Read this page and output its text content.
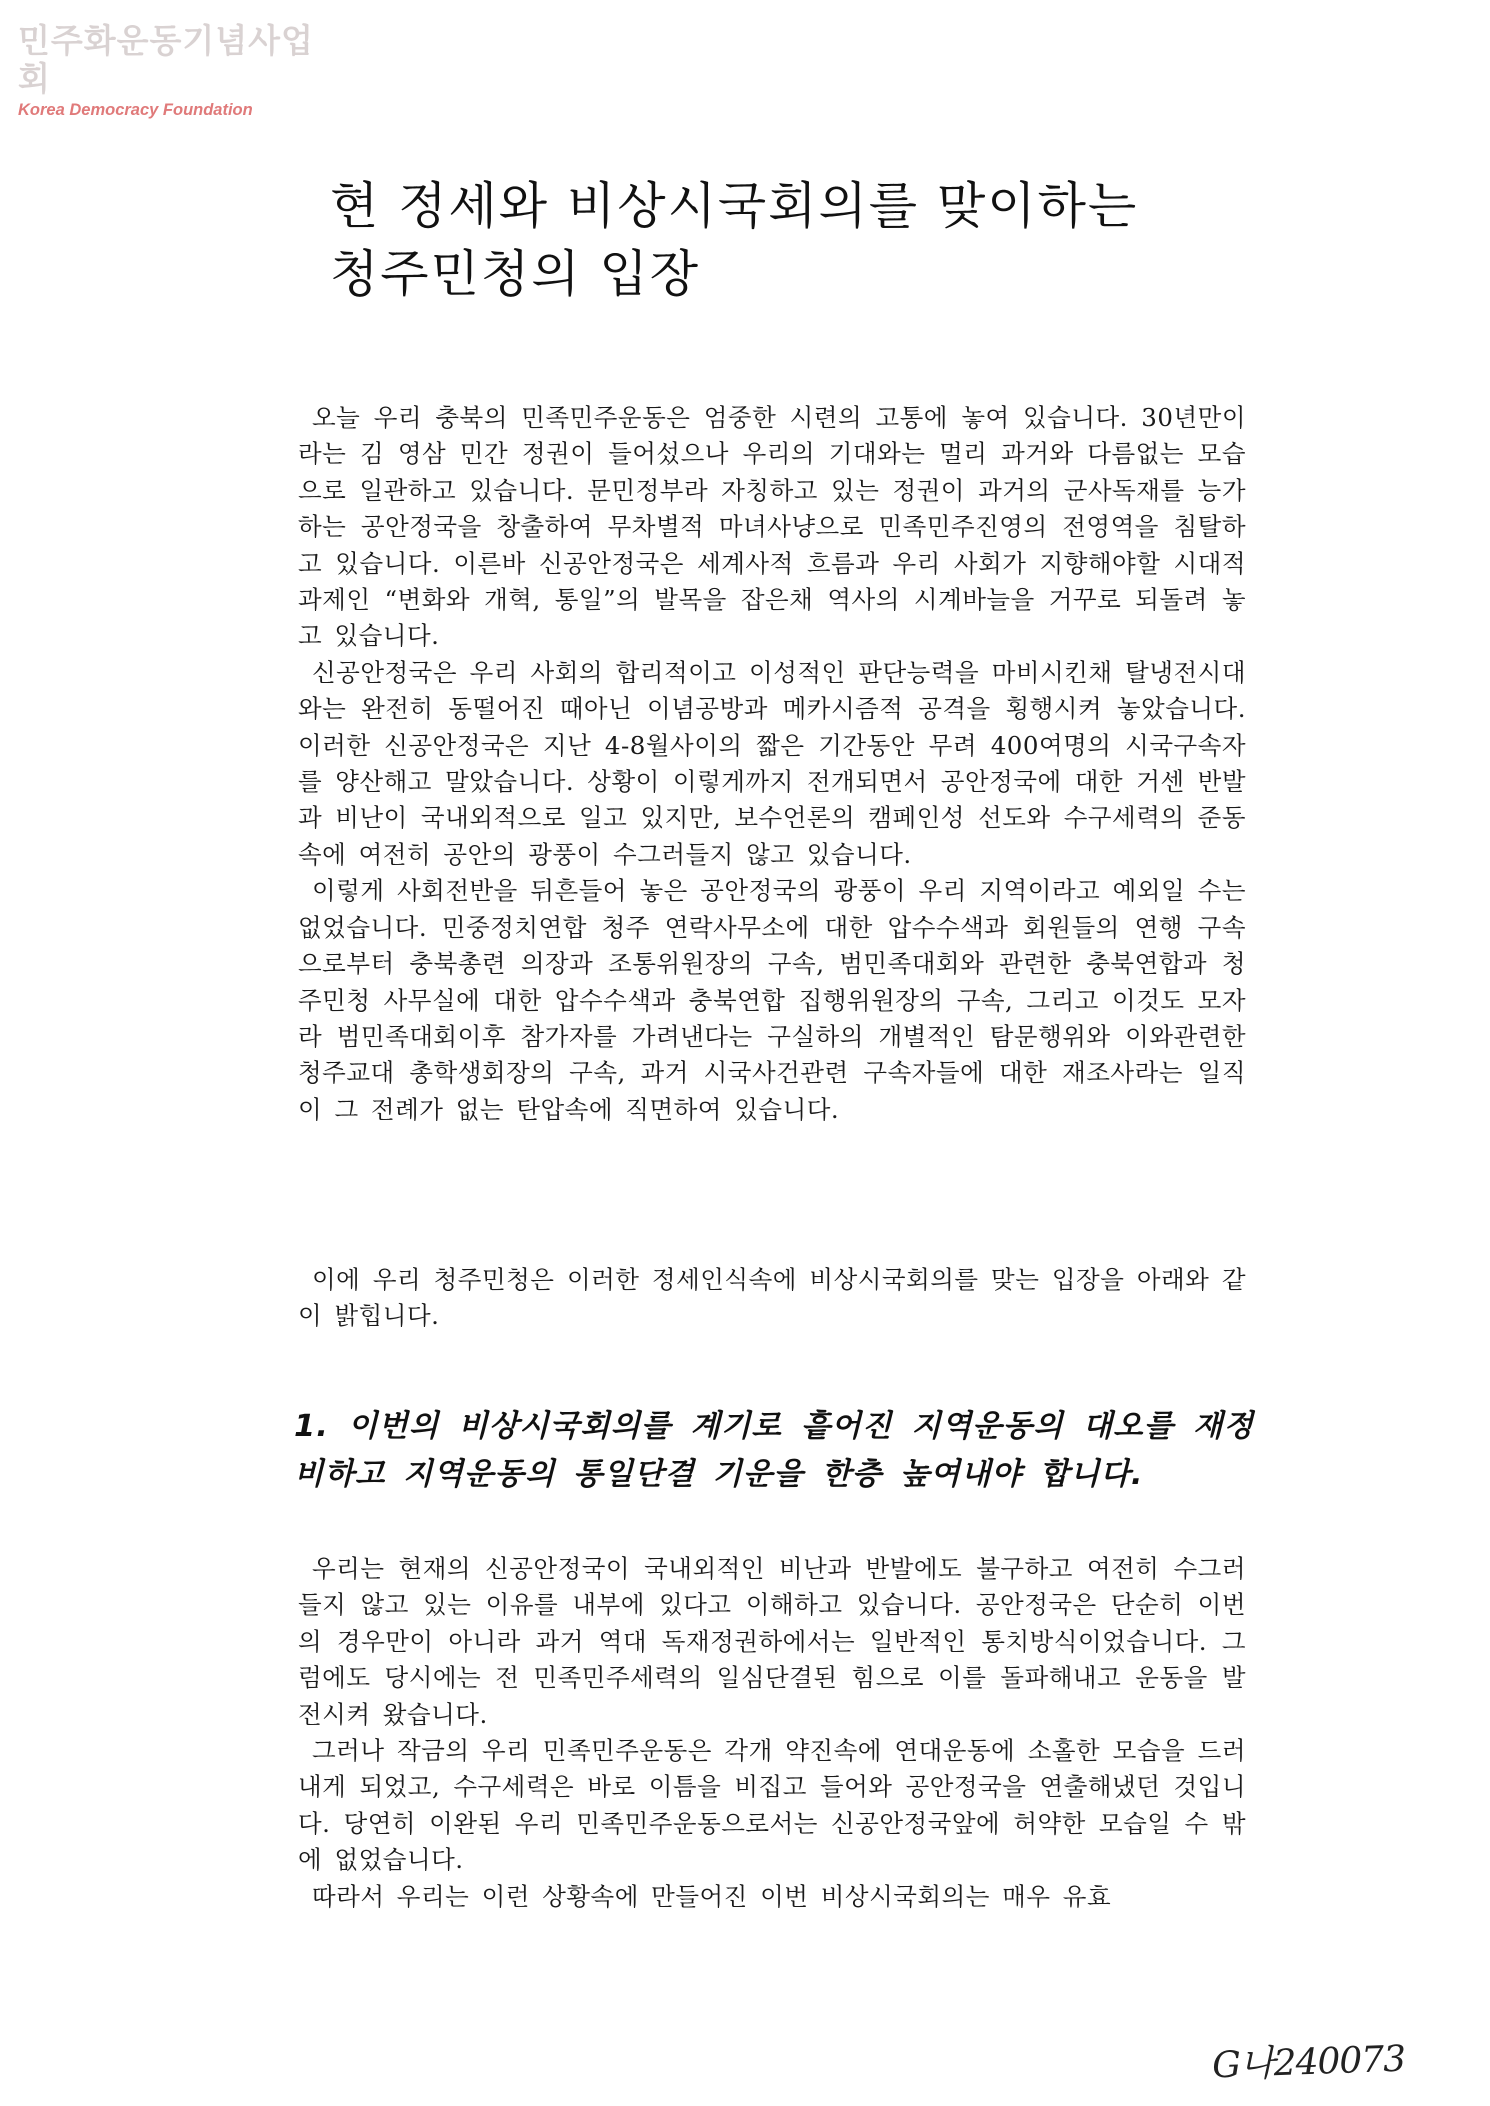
민주화운동기념사업회
Korea Democracy Foundation
현 정세와 비상시국회의를 맞이하는
청주민청의 입장

오늘 우리 충북의 민족민주운동은 엄중한 시련의 고통에 놓여 있습니다. 30년만이라는 김 영삼 민간 정권이 들어섰으나 우리의 기대와는 멀리 과거와 다름없는 모습으로 일관하고 있습니다. 문민정부라 자칭하고 있는 정권이 과거의 군사독재를 능가하는 공안정국을 창출하여 무차별적 마녀사냥으로 민족민주진영의 전영역을 침탈하고 있습니다. 이른바 신공안정국은 세계사적 흐름과 우리 사회가 지향해야할 시대적 과제인 “변화와 개혁, 통일”의 발목을 잡은채 역사의 시계바늘을 거꾸로 되돌려 놓고 있습니다.

신공안정국은 우리 사회의 합리적이고 이성적인 판단능력을 마비시킨채 탈냉전시대와는 완전히 동떨어진 때아닌 이념공방과 메카시즘적 공격을 횡행시켜 놓았습니다. 이러한 신공안정국은 지난 4-8월사이의 짧은 기간동안 무려 400여명의 시국구속자를 양산해고 말았습니다. 상황이 이렇게까지 전개되면서 공안정국에 대한 거센 반발과 비난이 국내외적으로 일고 있지만, 보수언론의 캠페인성 선도와 수구세력의 준동속에 여전히 공안의 광풍이 수그러들지 않고 있습니다.

이렇게 사회전반을 뒤흔들어 놓은 공안정국의 광풍이 우리 지역이라고 예외일 수는 없었습니다. 민중정치연합 청주 연락사무소에 대한 압수수색과 회원들의 연행 구속으로부터 충북총련 의장과 조통위원장의 구속, 범민족대회와 관련한 충북연합과 청주민청 사무실에 대한 압수수색과 충북연합 집행위원장의 구속, 그리고 이것도 모자라 범민족대회이후 참가자를 가려낸다는 구실하의 개별적인 탐문행위와 이와관련한 청주교대 총학생회장의 구속, 과거 시국사건관련 구속자들에 대한 재조사라는 일직이 그 전례가 없는 탄압속에 직면하여 있습니다.

이에 우리 청주민청은 이러한 정세인식속에 비상시국회의를 맞는 입장을 아래와 같이 밝힙니다.

1. 이번의 비상시국회의를 계기로 흩어진 지역운동의 대오를 재정비하고 지역운동의 통일단결 기운을 한층 높여내야 합니다.

우리는 현재의 신공안정국이 국내외적인 비난과 반발에도 불구하고 여전히 수그러들지 않고 있는 이유를 내부에 있다고 이해하고 있습니다. 공안정국은 단순히 이번의 경우만이 아니라 과거 역대 독재정권하에서는 일반적인 통치방식이었습니다. 그럼에도 당시에는 전 민족민주세력의 일심단결된 힘으로 이를 돌파해내고 운동을 발전시켜 왔습니다.

그러나 작금의 우리 민족민주운동은 각개 약진속에 연대운동에 소홀한 모습을 드러내게 되었고, 수구세력은 바로 이틈을 비집고 들어와 공안정국을 연출해냈던 것입니다. 당연히 이완된 우리 민족민주운동으로서는 신공안정국앞에 허약한 모습일 수 밖에 없었습니다.

따라서 우리는 이런 상황속에 만들어진 이번 비상시국회의는 매우 유효

G나240073
